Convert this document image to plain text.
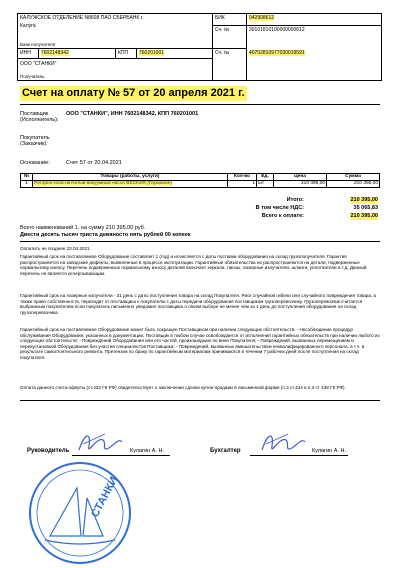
КАЛУЖСКОЕ ОТДЕЛЕНИЕ N8608 ПАО СБЕРБАНК г.
Калуга
Банк получателя
БИК	042908612
Сч. №	30101810100000000612
ИНН 7602148342	КПП 760201001	Сч. №	40702810977030019591
ООО "СТАНКИ"
Получатель
Счет на оплату № 57 от 20 апреля 2021 г.
Поставщик
(Исполнитель):
ООО "СТАНКИ", ИНН 7602148342, КПП 760201001
Покупатель
(Заказчик):
Основание:	Счет 57 от 20.04.2021
№	Товары (работы, услуги)	Кол-во	Ед.	Цена	Сумма
1	Роторно-пластинчатый вакуумный насос BECKER (Германия)	1	шт	210 395,00	210 395,00
Итого:	210 395,00
В том числе НДС:	35 065,83
Всего к оплате:	210 395,00
Всего наименований 1, на сумму 210 395,00 руб.
Двести десять тысяч триста девяносто пять рублей 00 копеек
Оплатить не позднее 23.04.2021
Гарантийный срок на поставляемое Оборудование составляет 1 (год) и исчисляется с даты поставки оборудования на склад грузополучателя. Гарантия распространяется на заводские дефекты, выявленные в процессе эксплуатации. Гарантийные обязательства не распространяются на детали, подверженные нормальному износу. Перечень подверженных нормальному износу деталей включает зеркала, линзы, лазерные излучатели, шланги, уплотнители и т.д. Данный перечень не является исчерпывающим.
Гарантийный срок на лазерные излучатели - 31 день с даты поступления товара на склад Покупателя. Риск случайной гибели или случайного повреждения товара, а также право собственности, переходит от поставщика к покупателю с даты передачи оборудования поставщиком грузоперевозчику. Грузоперевозчик считается выбранным покупателем если покупатель письменно уведомил поставщика о своем выборе не менее чем за 1 день до поступления оборудования на склад грузоперевозчика.
Гарантийный срок на поставляемое Оборудование может быть сокращен Поставщиком при наличии следующих обстоятельств: - Несоблюдение процедур обслуживания Оборудования, указанных в документации, Поставщик в любом случае освобождается от исполнения гарантийных обязательств при наличии любого из следующих обстоятельств: - Повреждений Оборудования или его частей, произошедших по вине Покупателя; - Повреждений, вызванных перемещением и перекустановкой Оборудования без участия специалистов Поставщика; - Повреждений, вызванных вмешательством неквалифицированного персонала, в т.ч. в результате самостоятельного ремонта. Претензии по браку по гарантийным материалам принимаются в течении 7 рабочих дней после поступления на склад покупателя.
Оплата данного счета-оферты (ст.432 ГК РФ) свидетельствует о заключении сделки купли-продажи в письменной форме (п.3 ст.434 и п.3 ст 438 ГК РФ)
СТАНКИ
Руководитель	Кулагин А. Н.	Бухгалтер	Кулагин А. Н.
